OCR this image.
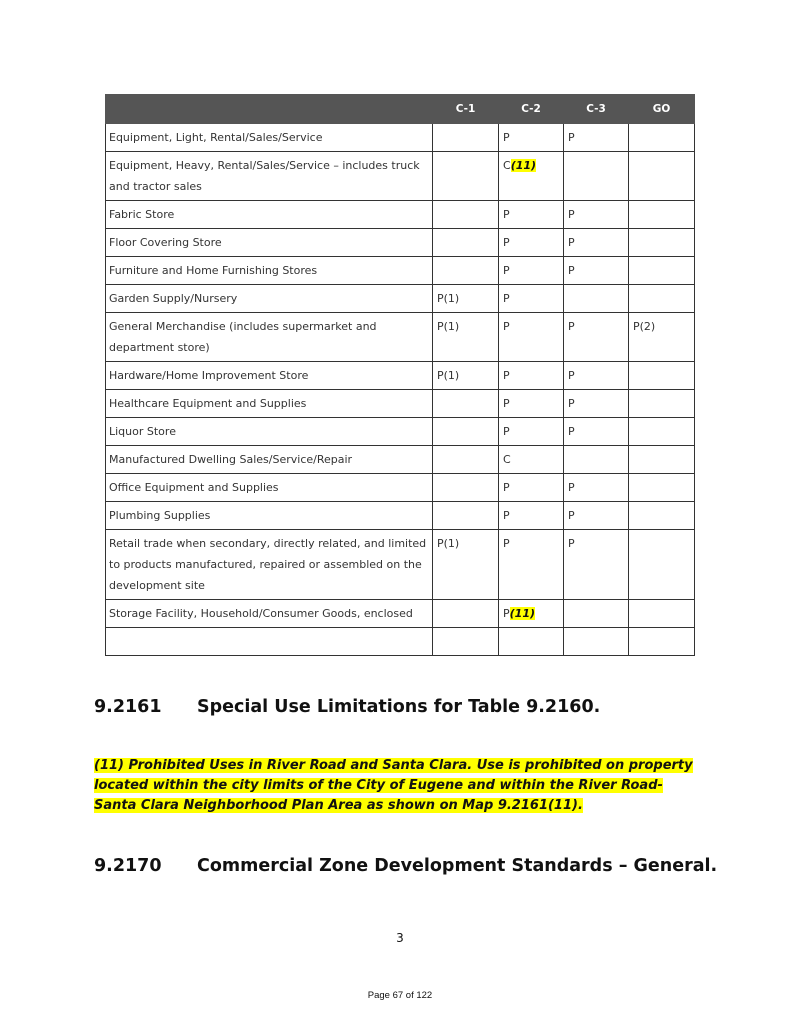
	C-1	C-2	C-3	GO
Equipment, Light, Rental/Sales/Service		P	P	
Equipment, Heavy, Rental/Sales/Service – includes truck and tractor sales		C(11)		
Fabric Store		P	P	
Floor Covering Store		P	P	
Furniture and Home Furnishing Stores		P	P	
Garden Supply/Nursery	P(1)	P		
General Merchandise (includes supermarket and department store)	P(1)	P	P	P(2)
Hardware/Home Improvement Store	P(1)	P	P	
Healthcare Equipment and Supplies		P	P	
Liquor Store		P	P	
Manufactured Dwelling Sales/Service/Repair		C		
Office Equipment and Supplies		P	P	
Plumbing Supplies		P	P	
Retail trade when secondary, directly related, and limited to products manufactured, repaired or assembled on the development site	P(1)	P	P	
Storage Facility, Household/Consumer Goods, enclosed		P(11)		

9.2161 Special Use Limitations for Table 9.2160.
(11) Prohibited Uses in River Road and Santa Clara. Use is prohibited on property located within the city limits of the City of Eugene and within the River Road-Santa Clara Neighborhood Plan Area as shown on Map 9.2161(11).
9.2170 Commercial Zone Development Standards – General.
3
Page 67 of 122
